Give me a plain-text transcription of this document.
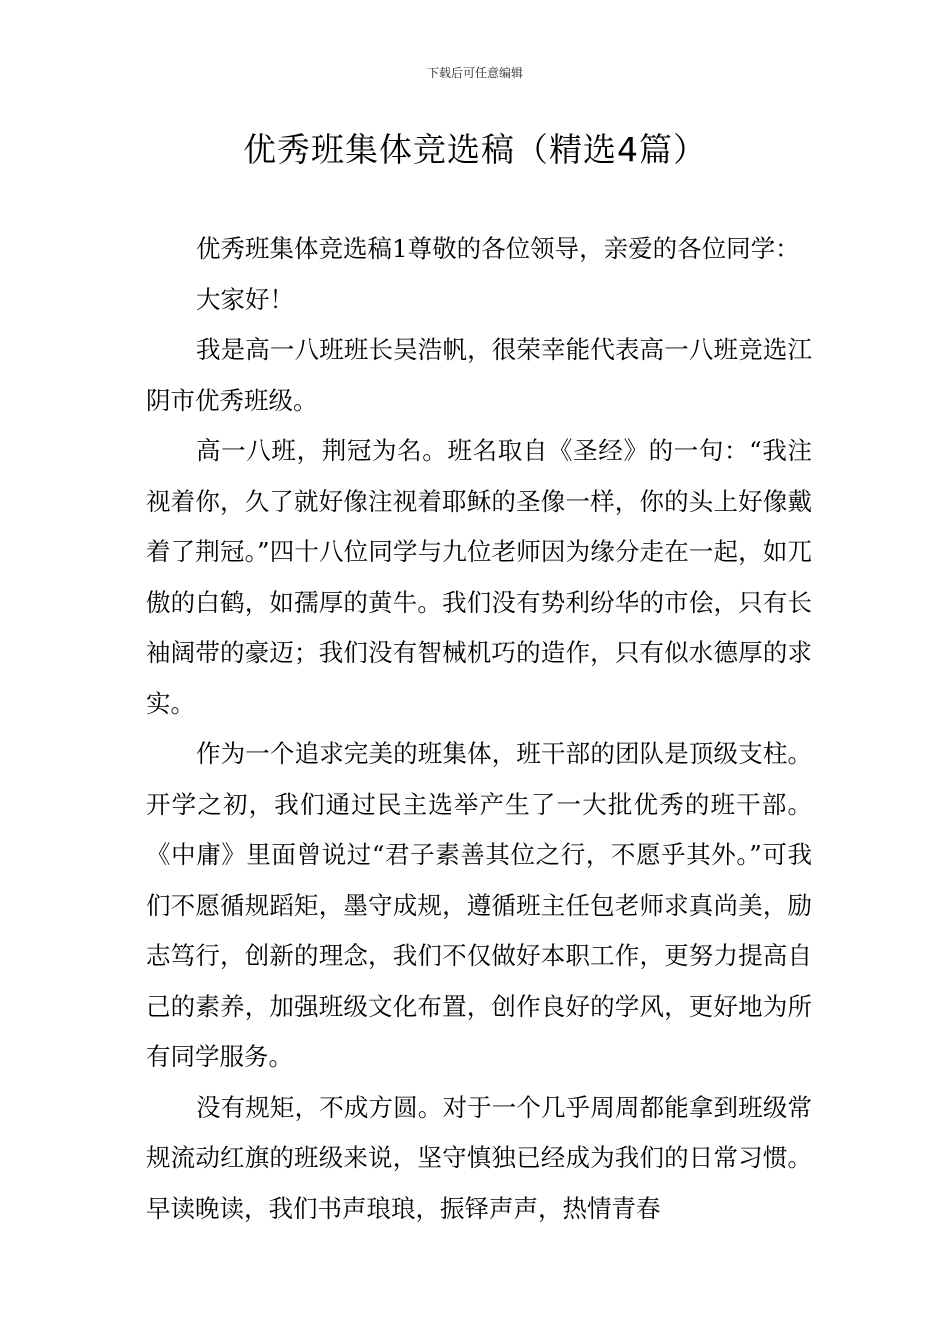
下载后可任意编辑
优秀班集体竞选稿（精选4篇）

优秀班集体竞选稿1尊敬的各位领导，亲爱的各位同学：

大家好！

我是高一八班班长吴浩帆，很荣幸能代表高一八班竞选江阴市优秀班级。

高一八班，荆冠为名。班名取自《圣经》的一句：“我注视着你，久了就好像注视着耶稣的圣像一样，你的头上好像戴着了荆冠。”四十八位同学与九位老师因为缘分走在一起，如兀傲的白鹤，如孺厚的黄牛。我们没有势利纷华的市侩，只有长袖阔带的豪迈；我们没有智械机巧的造作，只有似水德厚的求实。

作为一个追求完美的班集体，班干部的团队是顶级支柱。开学之初，我们通过民主选举产生了一大批优秀的班干部。《中庸》里面曾说过“君子素善其位之行，不愿乎其外。”可我们不愿循规蹈矩，墨守成规，遵循班主任包老师求真尚美，励志笃行，创新的理念，我们不仅做好本职工作，更努力提高自己的素养，加强班级文化布置，创作良好的学风，更好地为所有同学服务。

没有规矩，不成方圆。对于一个几乎周周都能拿到班级常规流动红旗的班级来说，坚守慎独已经成为我们的日常习惯。早读晚读，我们书声琅琅，振铎声声，热情青春
